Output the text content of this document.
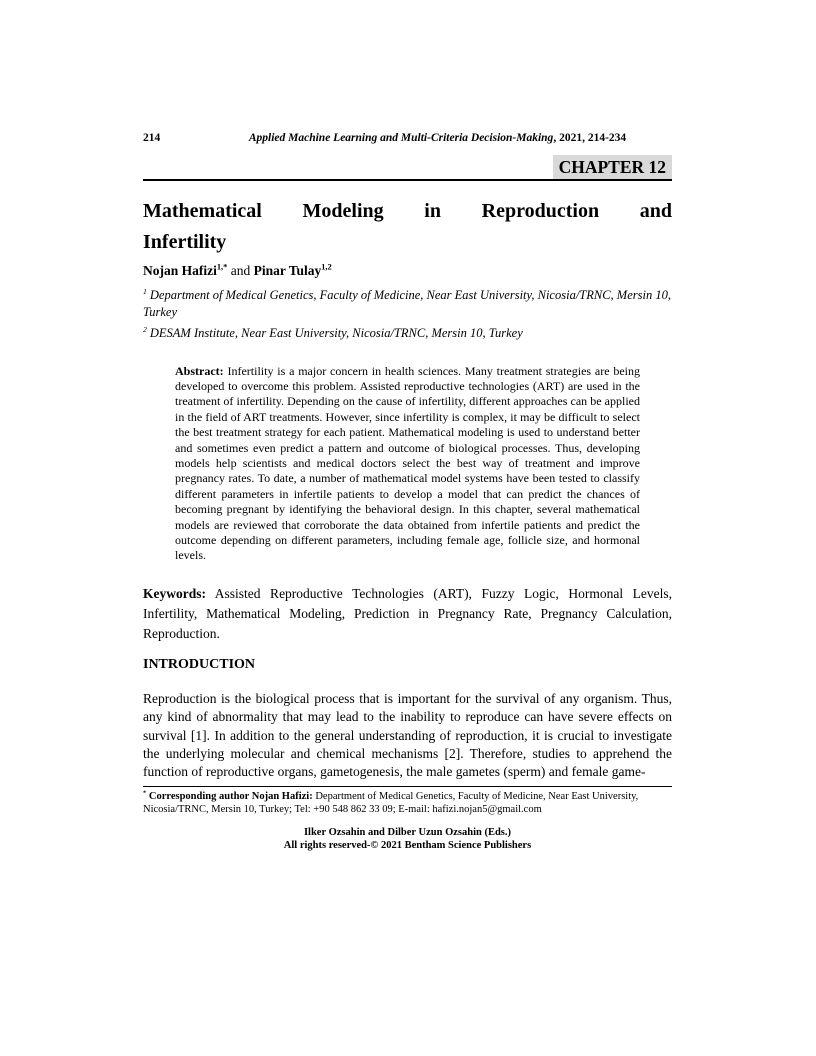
214	Applied Machine Learning and Multi-Criteria Decision-Making, 2021, 214-234
CHAPTER 12
Mathematical Modeling in Reproduction and
Infertility
Nojan Hafizi$^{1,*}$ and Pinar Tulay$^{1,2}$

$^1$ Department of Medical Genetics, Faculty of Medicine, Near East University, Nicosia/TRNC, Mersin 10, Turkey

$^2$ DESAM Institute, Near East University, Nicosia/TRNC, Mersin 10, Turkey

Abstract: Infertility is a major concern in health sciences. Many treatment strategies are being developed to overcome this problem. Assisted reproductive technologies (ART) are used in the treatment of infertility. Depending on the cause of infertility, different approaches can be applied in the field of ART treatments. However, since infertility is complex, it may be difficult to select the best treatment strategy for each patient. Mathematical modeling is used to understand better and sometimes even predict a pattern and outcome of biological processes. Thus, developing models help scientists and medical doctors select the best way of treatment and improve pregnancy rates. To date, a number of mathematical model systems have been tested to classify different parameters in infertile patients to develop a model that can predict the chances of becoming pregnant by identifying the behavioral design. In this chapter, several mathematical models are reviewed that corroborate the data obtained from infertile patients and predict the outcome depending on different parameters, including female age, follicle size, and hormonal levels.

Keywords: Assisted Reproductive Technologies (ART), Fuzzy Logic, Hormonal Levels, Infertility, Mathematical Modeling, Prediction in Pregnancy Rate, Pregnancy Calculation, Reproduction.

INTRODUCTION

Reproduction is the biological process that is important for the survival of any organism. Thus, any kind of abnormality that may lead to the inability to reproduce can have severe effects on survival [1]. In addition to the general understanding of reproduction, it is crucial to investigate the underlying molecular and chemical mechanisms [2]. Therefore, studies to apprehend the function of reproductive organs, gametogenesis, the male gametes (sperm) and female game-

* Corresponding author Nojan Hafizi: Department of Medical Genetics, Faculty of Medicine, Near East University, Nicosia/TRNC, Mersin 10, Turkey; Tel: +90 548 862 33 09; E-mail: hafizi.nojan5@gmail.com

Ilker Ozsahin and Dilber Uzun Ozsahin (Eds.)
All rights reserved-© 2021 Bentham Science Publishers
